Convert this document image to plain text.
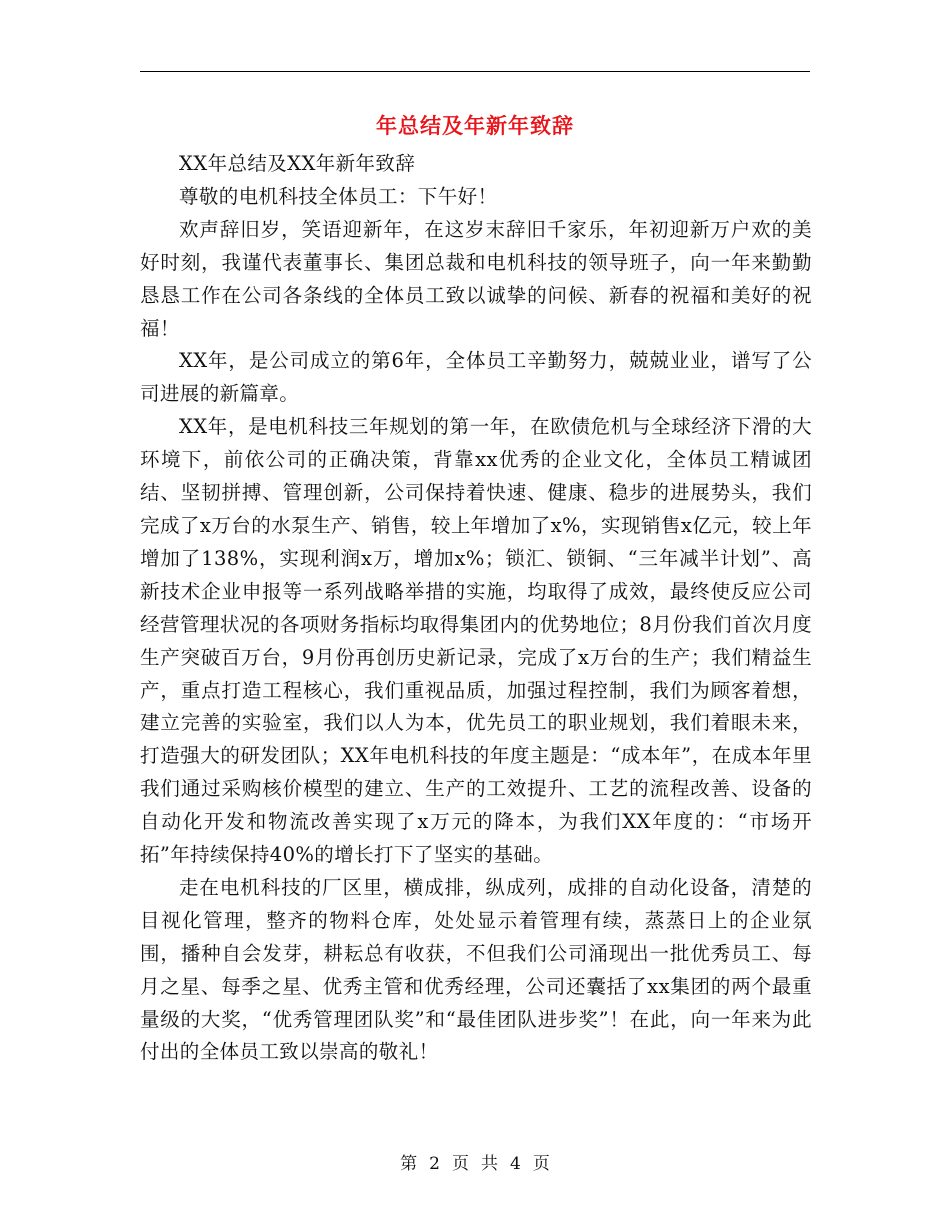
年总结及年新年致辞

XX年总结及XX年新年致辞

尊敬的电机科技全体员工：下午好！

欢声辞旧岁，笑语迎新年，在这岁末辞旧千家乐，年初迎新万户欢的美好时刻，我谨代表董事长、集团总裁和电机科技的领导班子，向一年来勤勤恳恳工作在公司各条线的全体员工致以诚挚的问候、新春的祝福和美好的祝福！

XX年，是公司成立的第6年，全体员工辛勤努力，兢兢业业，谱写了公司进展的新篇章。

XX年，是电机科技三年规划的第一年，在欧债危机与全球经济下滑的大环境下，前依公司的正确决策，背靠xx优秀的企业文化，全体员工精诚团结、坚韧拼搏、管理创新，公司保持着快速、健康、稳步的进展势头，我们完成了x万台的水泵生产、销售，较上年增加了x%，实现销售x亿元，较上年增加了138%，实现利润x万，增加x%；锁汇、锁铜、“三年减半计划”、高新技术企业申报等一系列战略举措的实施，均取得了成效，最终使反应公司经营管理状况的各项财务指标均取得集团内的优势地位；8月份我们首次月度生产突破百万台，9月份再创历史新记录，完成了x万台的生产；我们精益生产，重点打造工程核心，我们重视品质，加强过程控制，我们为顾客着想，建立完善的实验室，我们以人为本，优先员工的职业规划，我们着眼未来，打造强大的研发团队；XX年电机科技的年度主题是：“成本年”，在成本年里我们通过采购核价模型的建立、生产的工效提升、工艺的流程改善、设备的自动化开发和物流改善实现了x万元的降本，为我们XX年度的：“市场开拓”年持续保持40%的增长打下了坚实的基础。

走在电机科技的厂区里，横成排，纵成列，成排的自动化设备，清楚的目视化管理，整齐的物料仓库，处处显示着管理有续，蒸蒸日上的企业氛围，播种自会发芽，耕耘总有收获，不但我们公司涌现出一批优秀员工、每月之星、每季之星、优秀主管和优秀经理，公司还囊括了xx集团的两个最重量级的大奖，“优秀管理团队奖”和“最佳团队进步奖”！在此，向一年来为此付出的全体员工致以崇高的敬礼！

第 2 页 共 4 页
